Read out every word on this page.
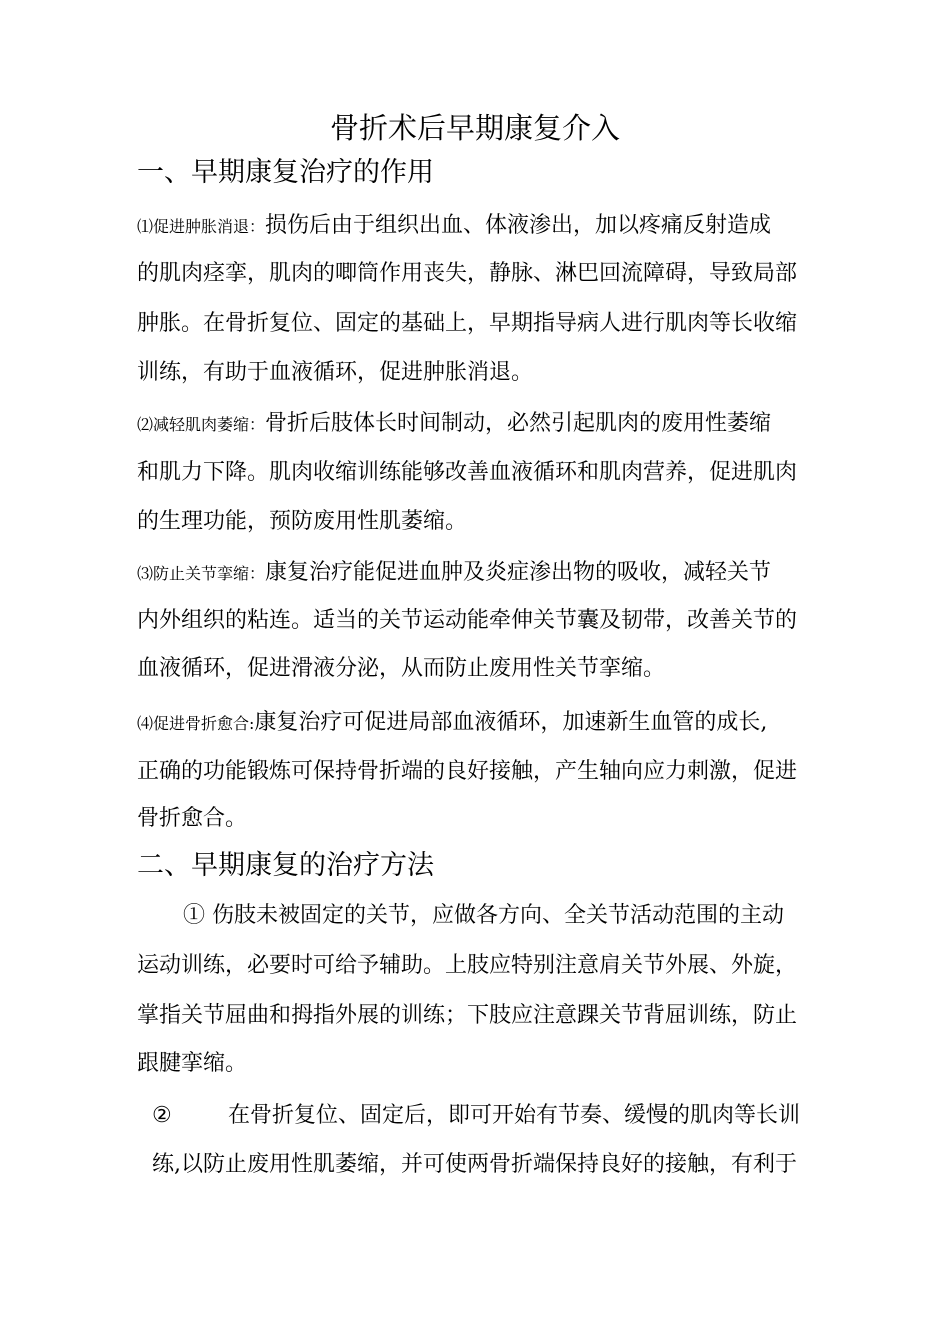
骨折术后早期康复介入
一、早期康复治疗的作用
⑴促进肿胀消退：损伤后由于组织出血、体液渗出，加以疼痛反射造成
的肌肉痉挛，肌肉的唧筒作用丧失，静脉、淋巴回流障碍，导致局部
肿胀。在骨折复位、固定的基础上，早期指导病人进行肌肉等长收缩
训练，有助于血液循环，促进肿胀消退。
⑵减轻肌肉萎缩：骨折后肢体长时间制动，必然引起肌肉的废用性萎缩
和肌力下降。肌肉收缩训练能够改善血液循环和肌肉营养，促进肌肉
的生理功能，预防废用性肌萎缩。
⑶防止关节挛缩：康复治疗能促进血肿及炎症渗出物的吸收，减轻关节
内外组织的粘连。适当的关节运动能牵伸关节囊及韧带，改善关节的
血液循环，促进滑液分泌，从而防止废用性关节挛缩。
⑷促进骨折愈合:康复治疗可促进局部血液循环，加速新生血管的成长,
正确的功能锻炼可保持骨折端的良好接触，产生轴向应力刺激，促进
骨折愈合。
二、早期康复的治疗方法
① 伤肢未被固定的关节，应做各方向、全关节活动范围的主动
运动训练，必要时可给予辅助。上肢应特别注意肩关节外展、外旋，
掌指关节屈曲和拇指外展的训练；下肢应注意踝关节背屈训练，防止
跟腱挛缩。
②	在骨折复位、固定后，即可开始有节奏、缓慢的肌肉等长训
练,以防止废用性肌萎缩，并可使两骨折端保持良好的接触，有利于
